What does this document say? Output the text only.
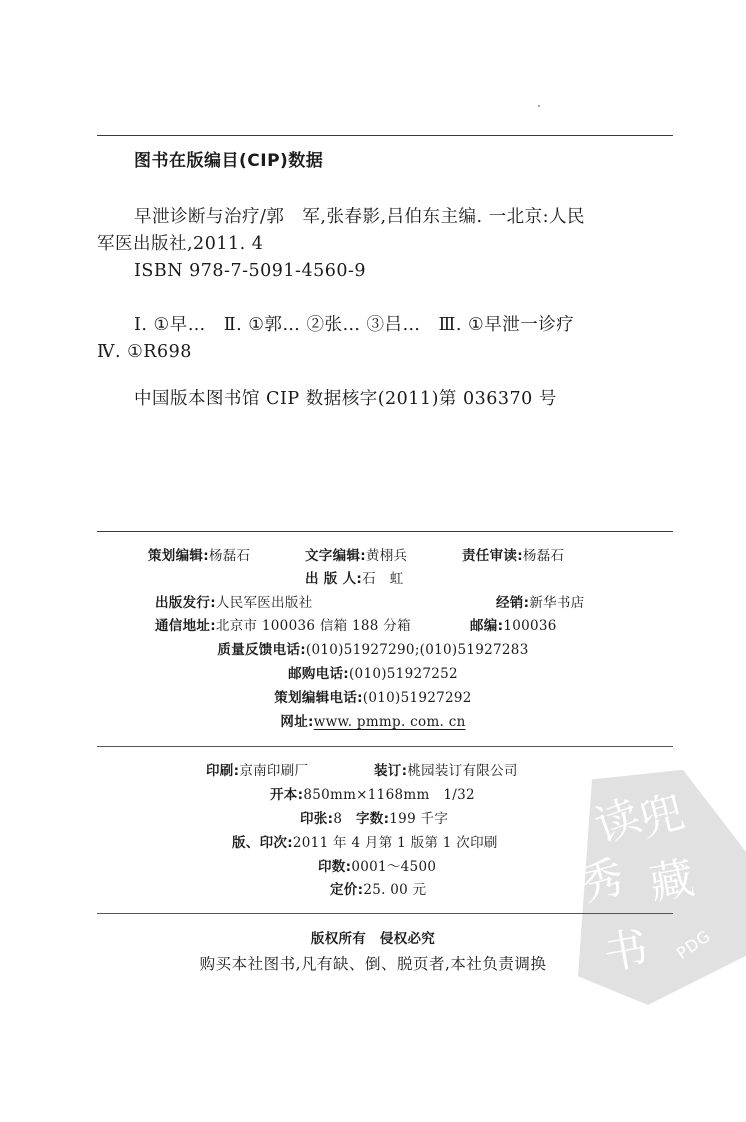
图书在版编目(CIP)数据
早泄诊断与治疗/郭　军,张春影,吕伯东主编. 一北京:人民
军医出版社,2011. 4
ISBN 978-7-5091-4560-9
Ⅰ. ①早…　Ⅱ. ①郭… ②张… ③吕…　Ⅲ. ①早泄一诊疗
Ⅳ. ①R698
中国版本图书馆 CIP 数据核字(2011)第 036370 号
策划编辑:杨磊石	文字编辑:黄栩兵	责任审读:杨磊石
出 版 人:石　虹
出版发行:人民军医出版社	经销:新华书店
通信地址:北京市 100036 信箱 188 分箱	邮编:100036
质量反馈电话:(010)51927290;(010)51927283
邮购电话:(010)51927252
策划编辑电话:(010)51927292
网址:www. pmmp. com. cn
读
兜
秀 藏
书 PDG
印刷:京南印刷厂	装订:桃园装订有限公司
开本:850mm×1168mm　1/32
印张:8 字数:199 千字
版、印次:2011 年 4 月第 1 版第 1 次印刷
印数:0001～4500
定价:25. 00 元
版权所有　侵权必究
购买本社图书,凡有缺、倒、脱页者,本社负责调换
